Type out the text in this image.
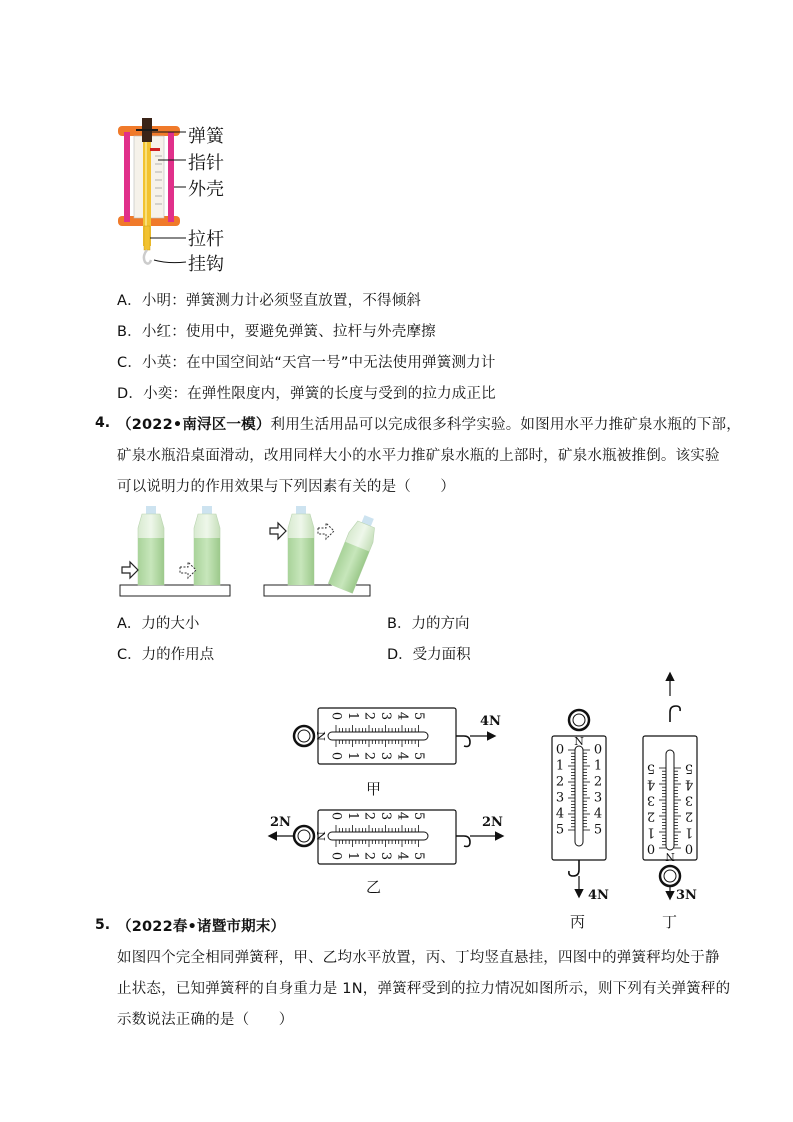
弹簧
指针
外壳
拉杆
挂钩
A．小明：弹簧测力计必须竖直放置，不得倾斜
B．小红：使用中，要避免弹簧、拉杆与外壳摩擦
C．小英：在中国空间站“天宫一号”中无法使用弹簧测力计
D．小奕：在弹性限度内，弹簧的长度与受到的拉力成正比
4. （2022•南浔区一模）利用生活用品可以完成很多科学实验。如图用水平力推矿泉水瓶的下部，
矿泉水瓶沿桌面滑动，改用同样大小的水平力推矿泉水瓶的上部时，矿泉水瓶被推倒。该实验
可以说明力的作用效果与下列因素有关的是（　　）
A．力的大小	B．力的方向
C．力的作用点	D．受力面积
0
0
1
1
2
2
3
3
4
4
5
5
N
0
0
1
1
2
2
3
3
4
4
5
5
N
0 0
1 1
2 2
3 3
4 4
5 5
N
0 0
1 1
2 2
3 3
4 4
5 5
N
4N
甲
2N	2N
乙	4N
丙
3N
丁
5. （2022春•诸暨市期末）
如图四个完全相同弹簧秤，甲、乙均水平放置，丙、丁均竖直悬挂，四图中的弹簧秤均处于静
止状态，已知弹簧秤的自身重力是 1N，弹簧秤受到的拉力情况如图所示，则下列有关弹簧秤的
示数说法正确的是（　　）
